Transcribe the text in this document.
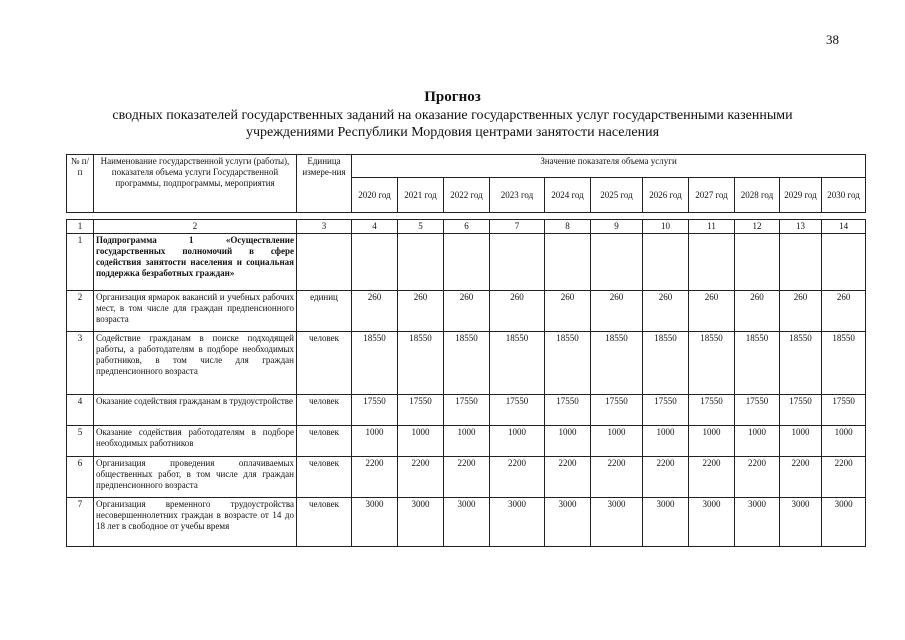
38
Прогноз
сводных показателей государственных заданий на оказание государственных услуг государственными казенными
учреждениями Республики Мордовия центрами занятости населения
№ п/п	Наименование государственной услуги (работы), показателя объема услуги Государственной программы, подпрограммы, мероприятия	Единица измере-ния	Значение показателя объема услуги										
			2020 год	2021 год	2022 год	2023 год	2024 год	2025 год	2026 год	2027 год	2028 год	2029 год	2030 год

1	2	3	4	5	6	7	8	9	10	11	12	13	14
1	Подпрограмма 1 «Осуществление государственных полномочий в сфере содействия занятости населения и социальная поддержка безработных граждан»												
2	Организация ярмарок вакансий и учебных рабочих мест, в том числе для граждан предпенсионного возраста	единиц	260	260	260	260	260	260	260	260	260	260	260
3	Содействие гражданам в поиске подходящей работы, а работодателям в подборе необходимых работников, в том числе для граждан предпенсионного возраста	человек	18550	18550	18550	18550	18550	18550	18550	18550	18550	18550	18550
4	Оказание содействия гражданам в трудоустройстве	человек	17550	17550	17550	17550	17550	17550	17550	17550	17550	17550	17550
5	Оказание содействия работодателям в подборе необходимых работников	человек	1000	1000	1000	1000	1000	1000	1000	1000	1000	1000	1000
6	Организация проведения оплачиваемых общественных работ, в том числе для граждан предпенсионного возраста	человек	2200	2200	2200	2200	2200	2200	2200	2200	2200	2200	2200
7	Организация временного трудоустройства несовершеннолетних граждан в возрасте от 14 до 18 лет в свободное от учебы время	человек	3000	3000	3000	3000	3000	3000	3000	3000	3000	3000	3000
